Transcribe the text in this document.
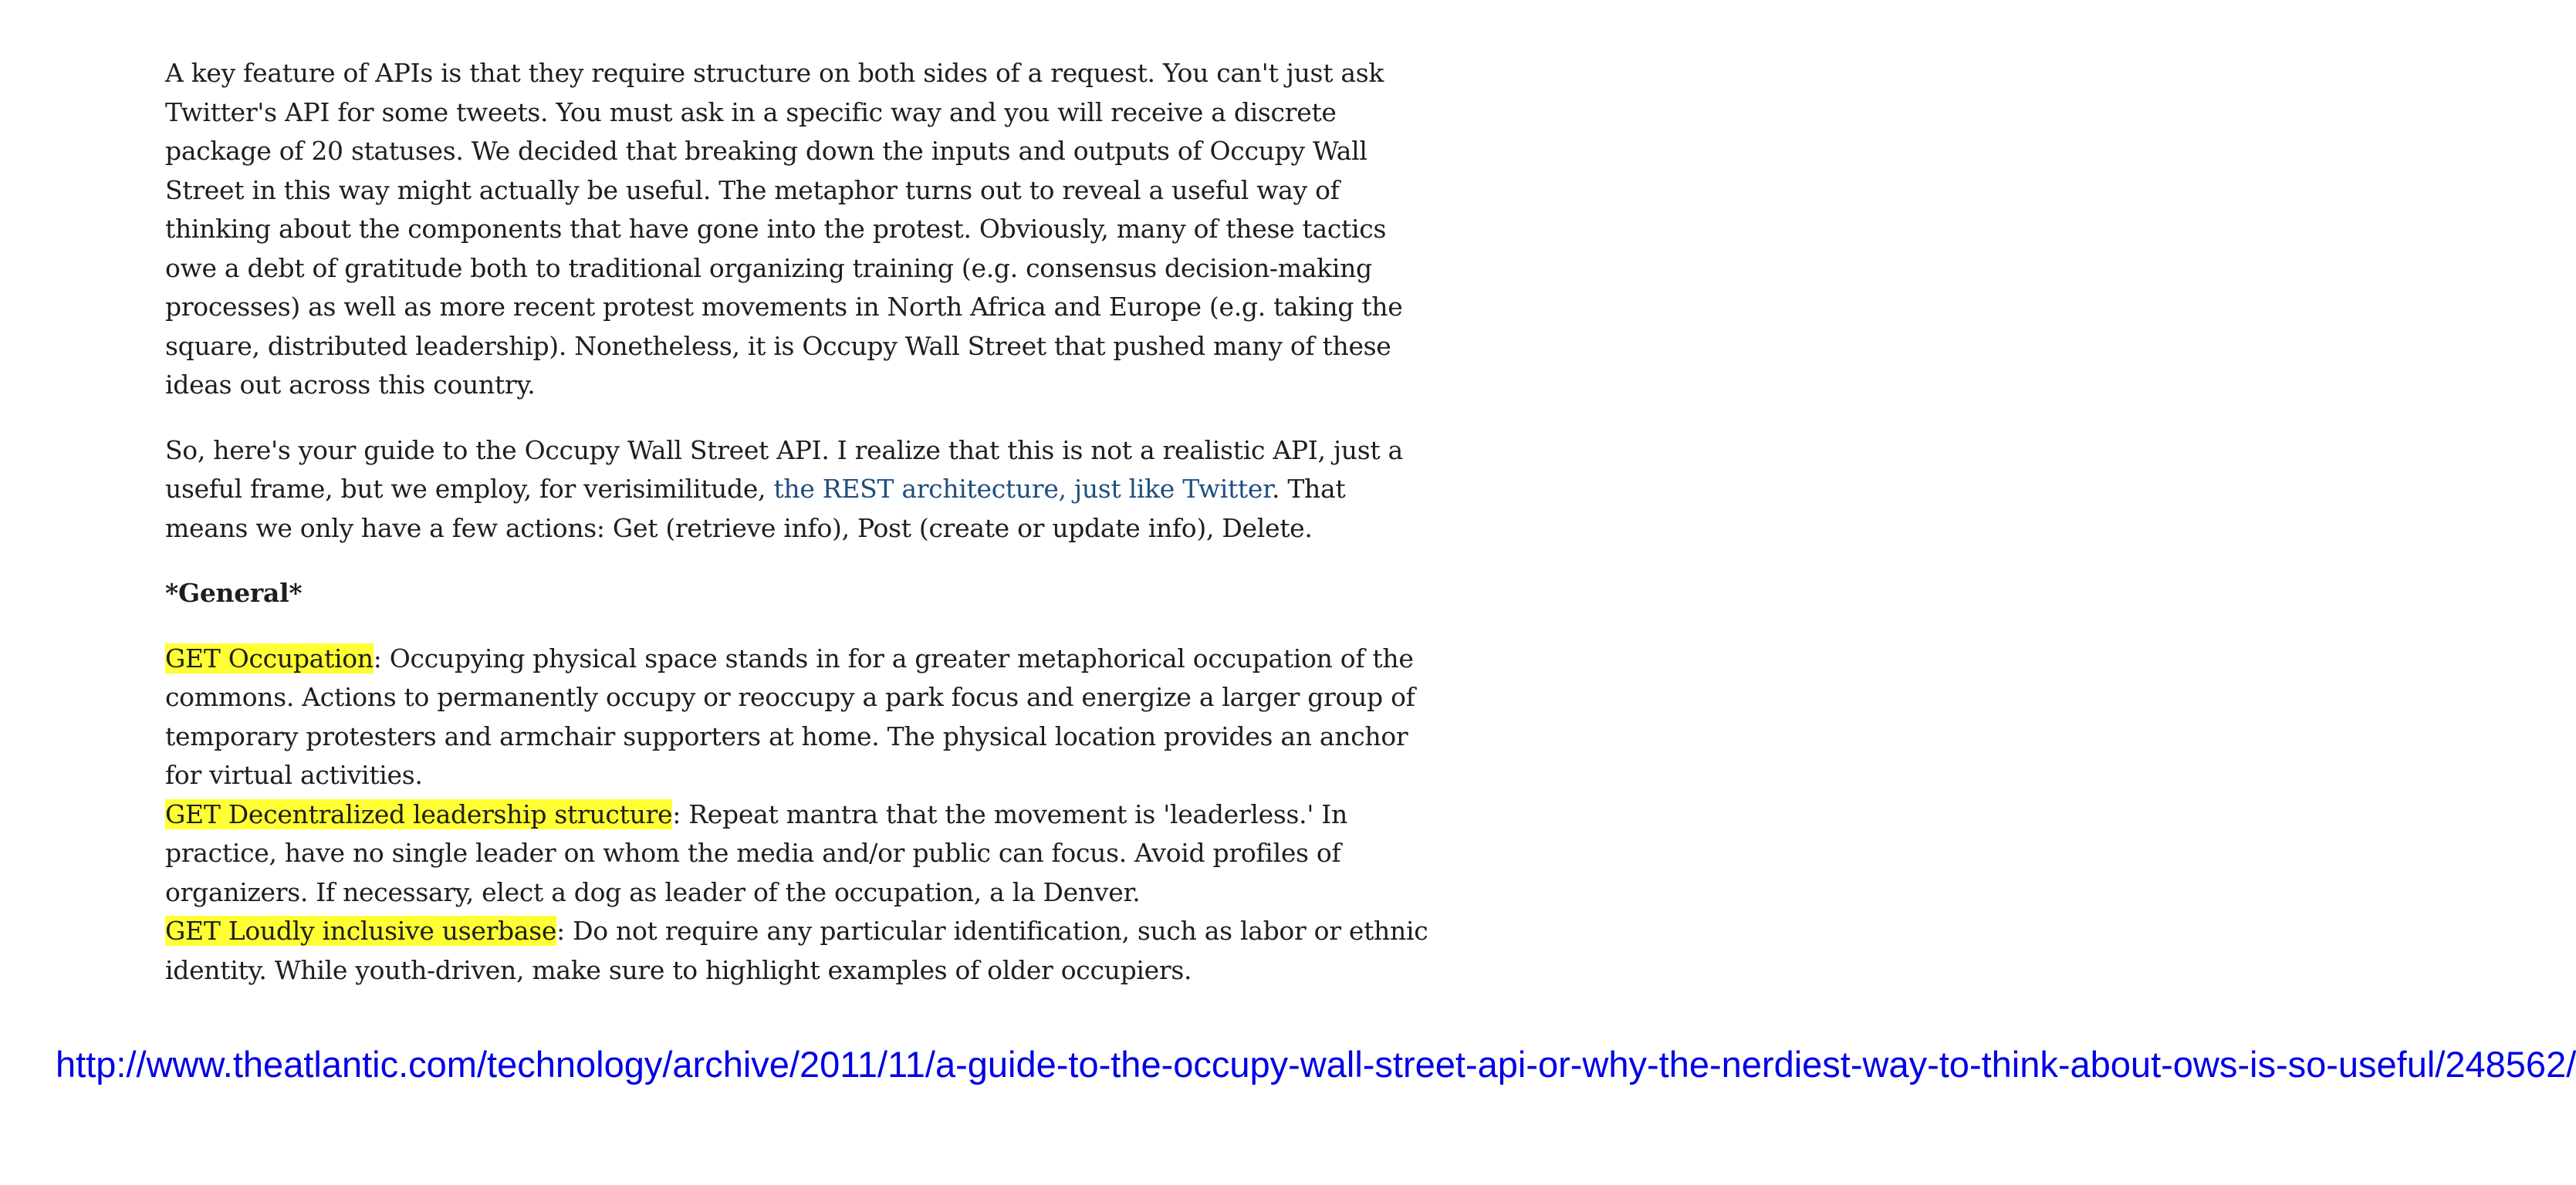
A key feature of APIs is that they require structure on both sides of a request. You can't just ask Twitter's API for some tweets. You must ask in a specific way and you will receive a discrete package of 20 statuses. We decided that breaking down the inputs and outputs of Occupy Wall Street in this way might actually be useful. The metaphor turns out to reveal a useful way of thinking about the components that have gone into the protest. Obviously, many of these tactics owe a debt of gratitude both to traditional organizing training (e.g. consensus decision-making processes) as well as more recent protest movements in North Africa and Europe (e.g. taking the square, distributed leadership). Nonetheless, it is Occupy Wall Street that pushed many of these ideas out across this country.

So, here's your guide to the Occupy Wall Street API. I realize that this is not a realistic API, just a useful frame, but we employ, for verisimilitude, the REST architecture, just like Twitter. That means we only have a few actions: Get (retrieve info), Post (create or update info), Delete.

*General*

GET Occupation: Occupying physical space stands in for a greater metaphorical occupation of the commons. Actions to permanently occupy or reoccupy a park focus and energize a larger group of temporary protesters and armchair supporters at home. The physical location provides an anchor for virtual activities.

GET Decentralized leadership structure: Repeat mantra that the movement is 'leaderless.' In practice, have no single leader on whom the media and/or public can focus. Avoid profiles of organizers. If necessary, elect a dog as leader of the occupation, a la Denver.

GET Loudly inclusive userbase: Do not require any particular identification, such as labor or ethnic identity. While youth-driven, make sure to highlight examples of older occupiers.

http://www.theatlantic.com/technology/archive/2011/11/a-guide-to-the-occupy-wall-street-api-or-why-the-nerdiest-way-to-think-about-ows-is-so-useful/248562/
